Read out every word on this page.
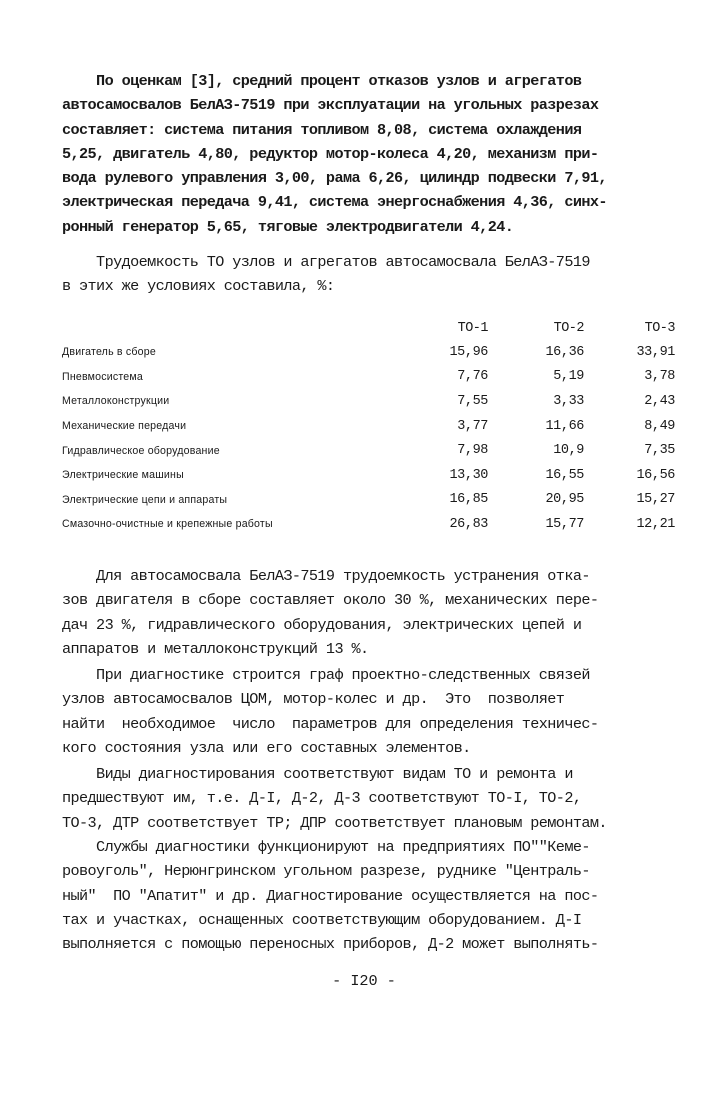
По оценкам [3], средний процент отказов узлов и агрегатов
автосамосвалов БелАЗ-7519 при эксплуатации на угольных разрезах
составляет: система питания топливом 8,08, система охлаждения
5,25, двигатель 4,80, редуктор мотор-колеса 4,20, механизм при-
вода рулевого управления 3,00, рама 6,26, цилиндр подвески 7,91,
электрическая передача 9,41, система энергоснабжения 4,36, синх-
ронный генератор 5,65, тяговые электродвигатели 4,24.
Трудоемкость ТО узлов и агрегатов автосамосвала БелАЗ-7519
в этих же условиях составила, %:
	ТО-1	ТО-2	ТО-3
Двигатель в сборе	15,96	16,36	33,91
Пневмосистема	7,76	5,19	3,78
Металлоконструкции	7,55	3,33	2,43
Механические передачи	3,77	11,66	8,49
Гидравлическое оборудование	7,98	10,9	7,35
Электрические машины	13,30	16,55	16,56
Электрические цепи и аппараты	16,85	20,95	15,27
Смазочно-очистные и крепежные работы	26,83	15,77	12,21
Для автосамосвала БелАЗ-7519 трудоемкость устранения отка-
зов двигателя в сборе составляет около 30 %, механических пере-
дач 23 %, гидравлического оборудования, электрических цепей и
аппаратов и металлоконструкций 13 %.
При диагностике строится граф проектно-следственных связей
узлов автосамосвалов ЦОМ, мотор-колес и др.  Это  позволяет
найти  необходимое  число  параметров для определения техничес-
кого состояния узла или его составных элементов.
Виды диагностирования соответствуют видам ТО и ремонта и
предшествуют им, т.е. Д-I, Д-2, Д-3 соответствуют ТО-I, ТО-2,
ТО-3, ДТР соответствует ТР; ДПР соответствует плановым ремонтам.
Службы диагностики функционируют на предприятиях ПО""Кеме-
ровоуголь", Нерюнгринском угольном разрезе, руднике "Централь-
ный"  ПО "Апатит" и др. Диагностирование осуществляется на пос-
тах и участках, оснащенных соответствующим оборудованием. Д-I
выполняется с помощью переносных приборов, Д-2 может выполнять-
- I20 -
